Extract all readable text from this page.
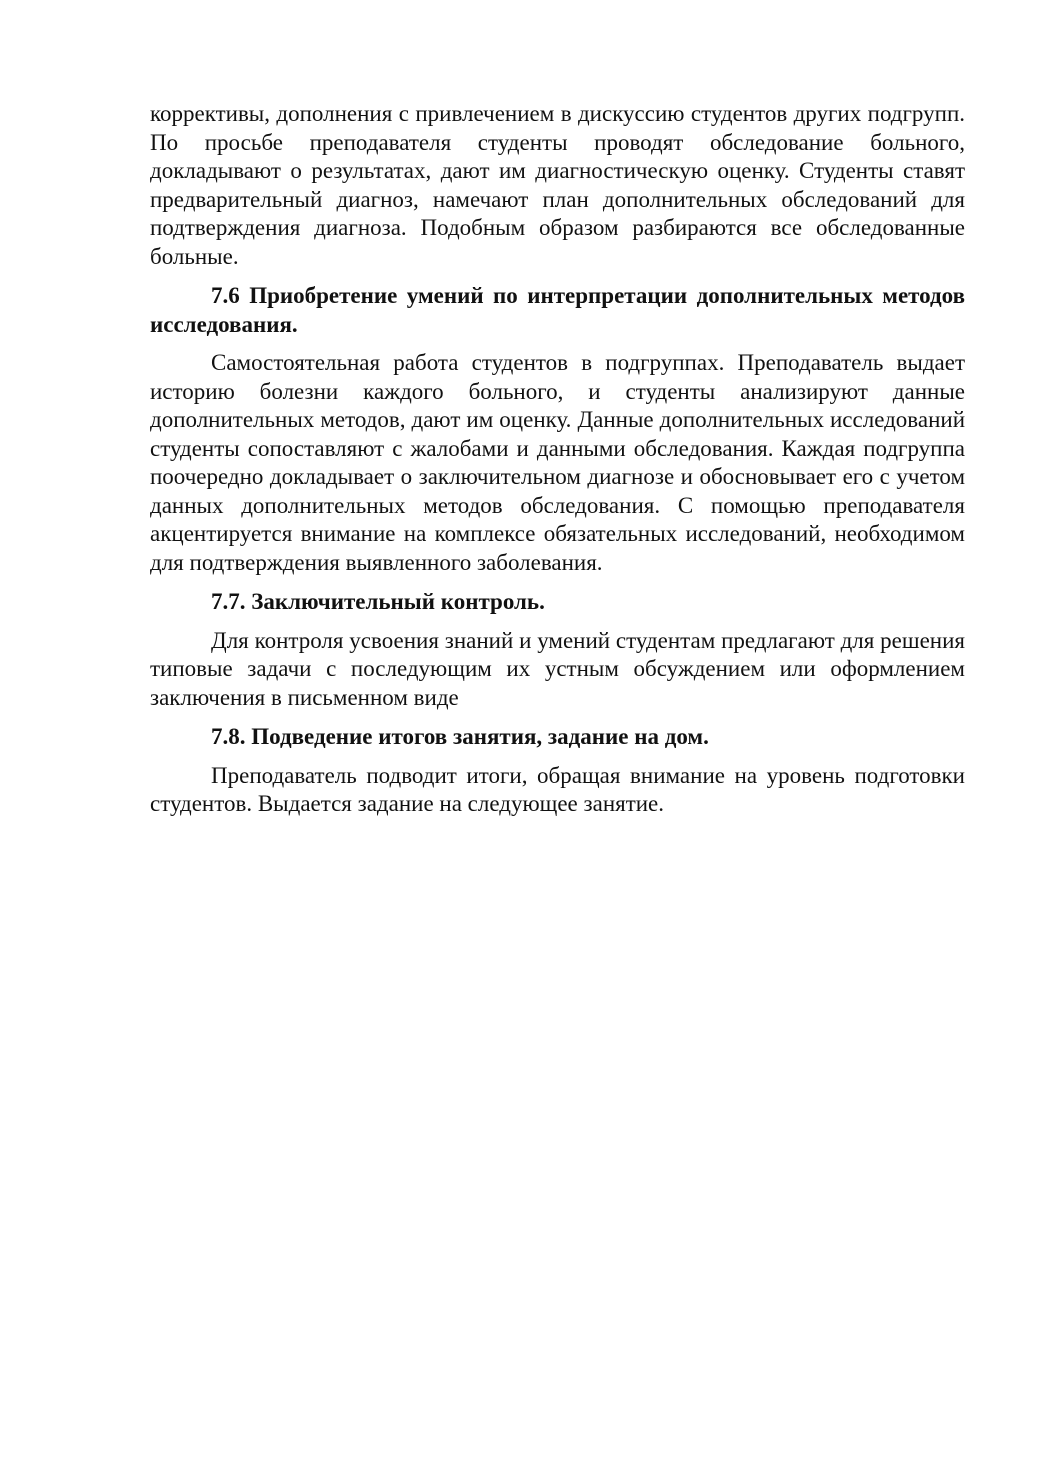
коррективы, дополнения с привлечением в дискуссию студентов других подгрупп. По просьбе преподавателя студенты проводят обследование больного, докладывают о результатах, дают им диагностическую оценку. Студенты ставят предварительный диагноз, намечают план дополнительных обследований для подтверждения диагноза. Подобным образом разбираются все обследованные больные.

7.6 Приобретение умений по интерпретации дополнительных методов исследования.

Самостоятельная работа студентов в подгруппах. Преподаватель выдает историю болезни каждого больного, и студенты анализируют данные дополнительных методов, дают им оценку. Данные дополнительных исследований студенты сопоставляют с жалобами и данными обследования. Каждая подгруппа поочередно докладывает о заключительном диагнозе и обосновывает его с учетом данных дополнительных методов обследования. С помощью преподавателя акцентируется внимание на комплексе обязательных исследований, необходимом для подтверждения выявленного заболевания.

7.7. Заключительный контроль.

Для контроля усвоения знаний и умений студентам предлагают для решения типовые задачи с последующим их устным обсуждением или оформлением заключения в письменном виде

7.8. Подведение итогов занятия, задание на дом.

Преподаватель подводит итоги, обращая внимание на уровень подготовки студентов. Выдается задание на следующее занятие.
